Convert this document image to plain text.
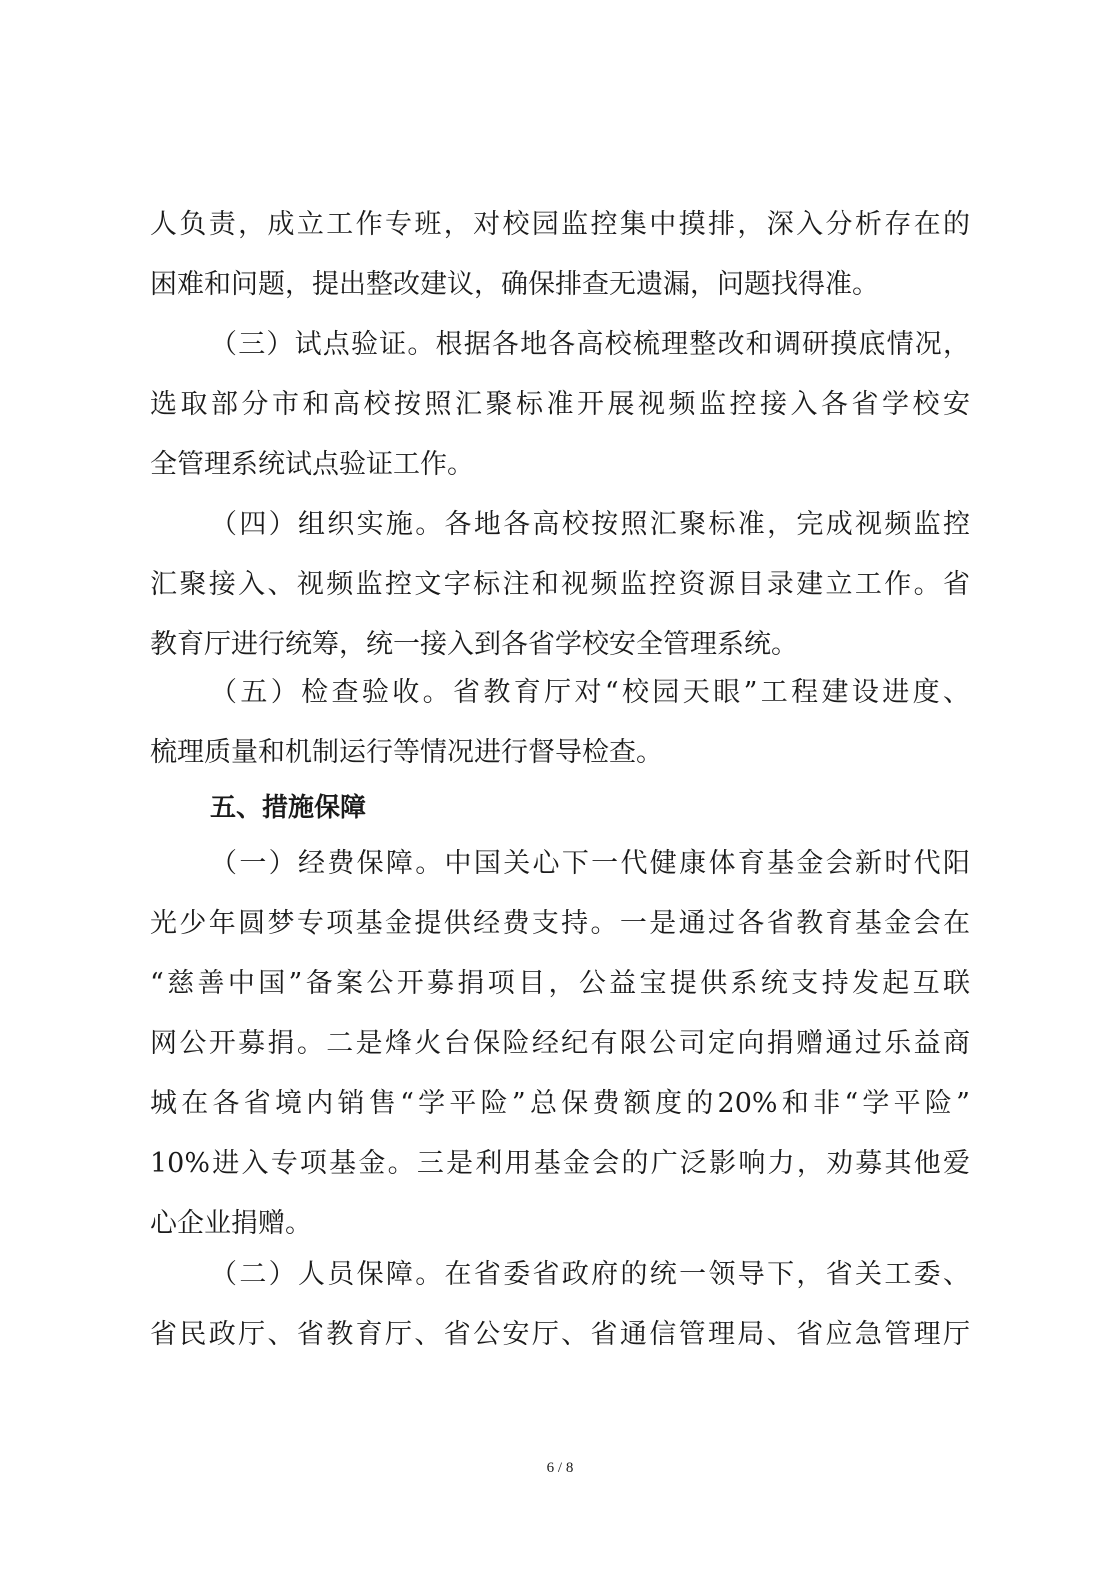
人负责，成立工作专班，对校园监控集中摸排，深入分析存在的
困难和问题，提出整改建议，确保排查无遗漏，问题找得准。
（三）试点验证。根据各地各高校梳理整改和调研摸底情况，
选取部分市和高校按照汇聚标准开展视频监控接入各省学校安
全管理系统试点验证工作。
（四）组织实施。各地各高校按照汇聚标准，完成视频监控
汇聚接入、视频监控文字标注和视频监控资源目录建立工作。省
教育厅进行统筹，统一接入到各省学校安全管理系统。
（五）检查验收。省教育厅对“校园天眼”工程建设进度、
梳理质量和机制运行等情况进行督导检查。
五、措施保障
（一）经费保障。中国关心下一代健康体育基金会新时代阳
光少年圆梦专项基金提供经费支持。一是通过各省教育基金会在
“慈善中国”备案公开募捐项目，公益宝提供系统支持发起互联
网公开募捐。二是烽火台保险经纪有限公司定向捐赠通过乐益商
城在各省境内销售“学平险”总保费额度的20%和非“学平险”
10%进入专项基金。三是利用基金会的广泛影响力，劝募其他爱
心企业捐赠。
（二）人员保障。在省委省政府的统一领导下，省关工委、
省民政厅、省教育厅、省公安厅、省通信管理局、省应急管理厅
6 / 8
